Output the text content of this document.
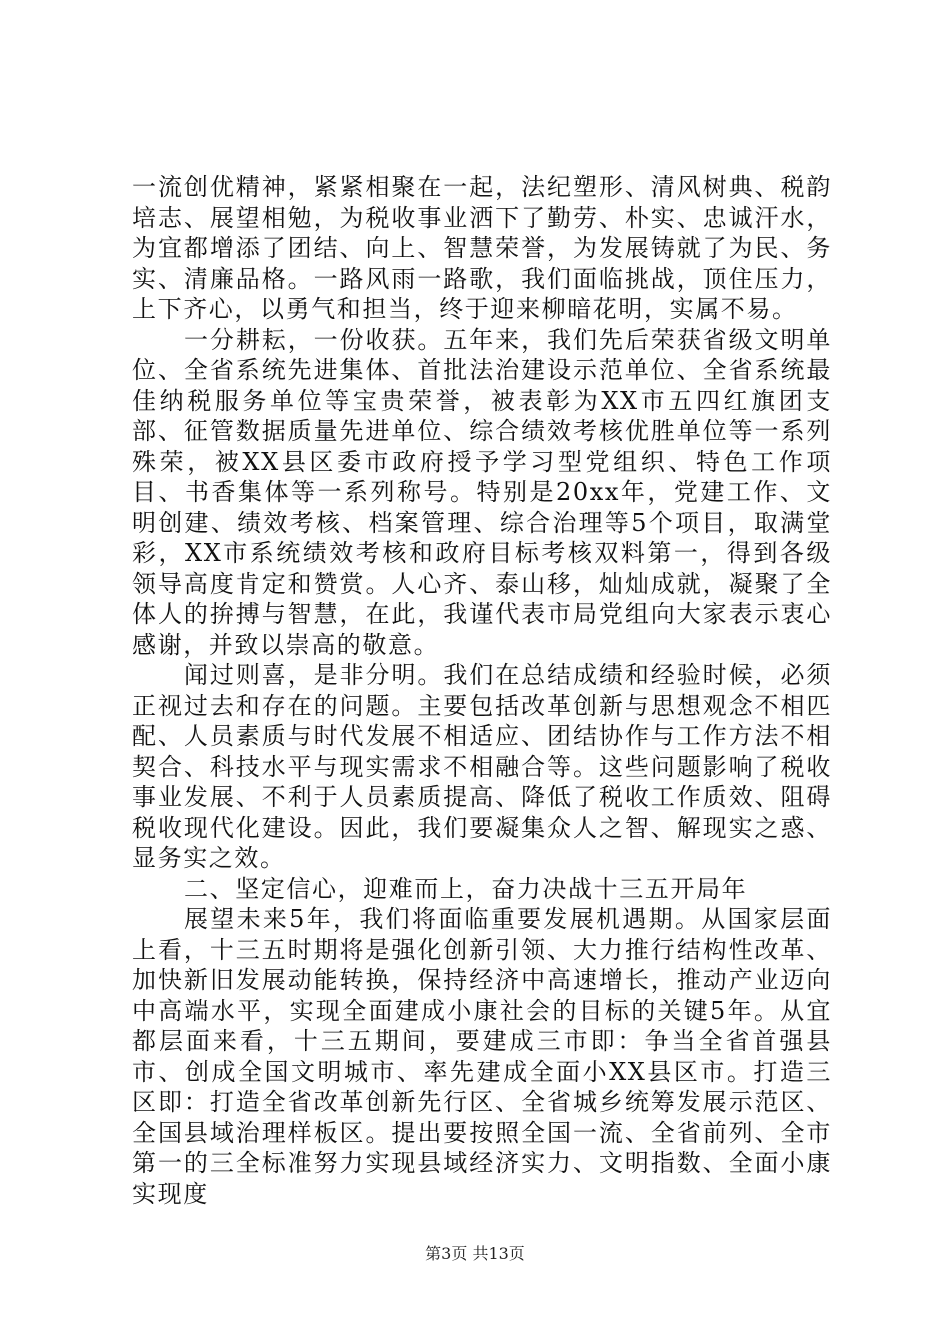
一流创优精神，紧紧相聚在一起，法纪塑形、清风树典、税韵培志、展望相勉，为税收事业洒下了勤劳、朴实、忠诚汗水，为宜都增添了团结、向上、智慧荣誉，为发展铸就了为民、务实、清廉品格。一路风雨一路歌，我们面临挑战，顶住压力，上下齐心，以勇气和担当，终于迎来柳暗花明，实属不易。

一分耕耘，一份收获。五年来，我们先后荣获省级文明单位、全省系统先进集体、首批法治建设示范单位、全省系统最佳纳税服务单位等宝贵荣誉，被表彰为XX市五四红旗团支部、征管数据质量先进单位、综合绩效考核优胜单位等一系列殊荣，被XX县区委市政府授予学习型党组织、特色工作项目、书香集体等一系列称号。特别是20xx年，党建工作、文明创建、绩效考核、档案管理、综合治理等5个项目，取满堂彩，XX市系统绩效考核和政府目标考核双料第一，得到各级领导高度肯定和赞赏。人心齐、泰山移，灿灿成就，凝聚了全体人的拚搏与智慧，在此，我谨代表市局党组向大家表示衷心感谢，并致以崇高的敬意。

闻过则喜，是非分明。我们在总结成绩和经验时候，必须正视过去和存在的问题。主要包括改革创新与思想观念不相匹配、人员素质与时代发展不相适应、团结协作与工作方法不相契合、科技水平与现实需求不相融合等。这些问题影响了税收事业发展、不利于人员素质提高、降低了税收工作质效、阻碍税收现代化建设。因此，我们要凝集众人之智、解现实之惑、显务实之效。

二、坚定信心，迎难而上，奋力决战十三五开局年

展望未来5年，我们将面临重要发展机遇期。从国家层面上看，十三五时期将是强化创新引领、大力推行结构性改革、加快新旧发展动能转换，保持经济中高速增长，推动产业迈向中高端水平，实现全面建成小康社会的目标的关键5年。从宜都层面来看，十三五期间，要建成三市即：争当全省首强县市、创成全国文明城市、率先建成全面小XX县区市。打造三区即：打造全省改革创新先行区、全省城乡统筹发展示范区、全国县域治理样板区。提出要按照全国一流、全省前列、全市第一的三全标准努力实现县域经济实力、文明指数、全面小康实现度

第3页 共13页
